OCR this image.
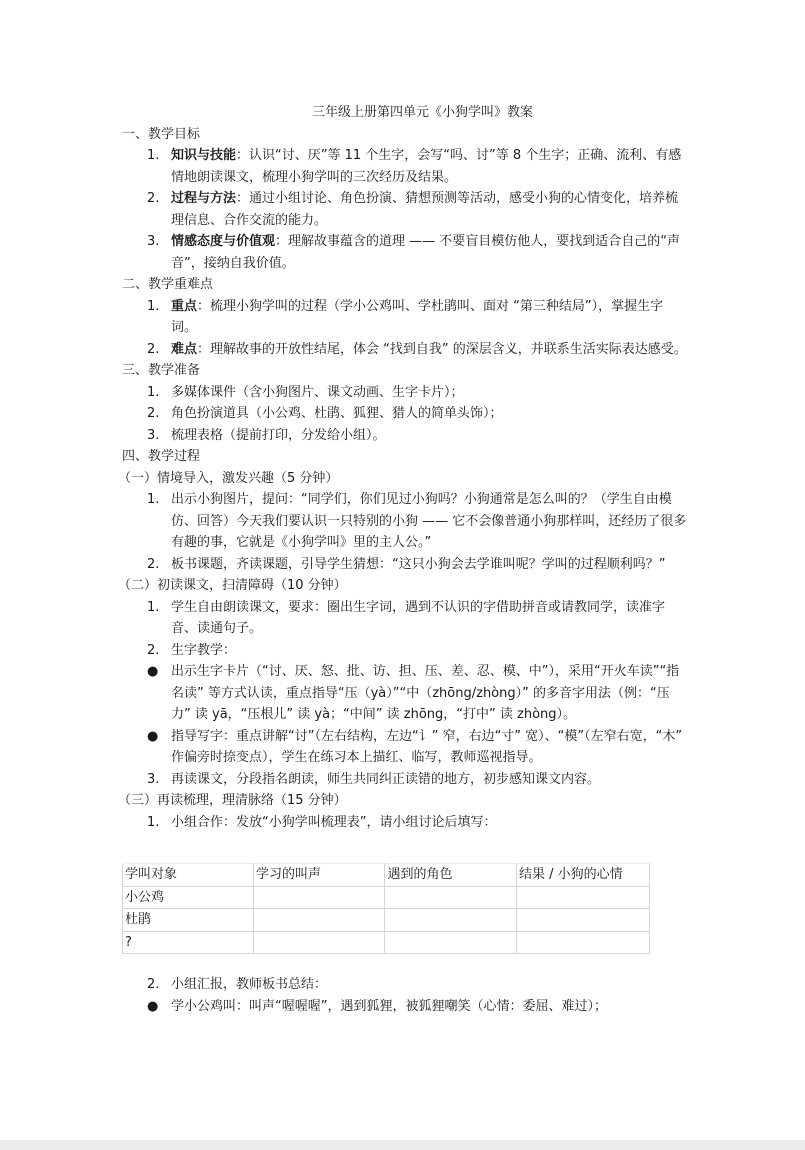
三年级上册第四单元《小狗学叫》教案
一、教学目标
1. 知识与技能：认识“讨、厌”等 11 个生字，会写“吗、讨”等 8 个生字；正确、流利、有感情地朗读课文，梳理小狗学叫的三次经历及结果。
2. 过程与方法：通过小组讨论、角色扮演、猜想预测等活动，感受小狗的心情变化，培养梳理信息、合作交流的能力。
3. 情感态度与价值观：理解故事蕴含的道理 —— 不要盲目模仿他人，要找到适合自己的“声音”，接纳自我价值。
二、教学重难点
1. 重点：梳理小狗学叫的过程（学小公鸡叫、学杜鹃叫、面对 “第三种结局”），掌握生字词。
2. 难点：理解故事的开放性结尾，体会 “找到自我” 的深层含义，并联系生活实际表达感受。
三、教学准备
1. 多媒体课件（含小狗图片、课文动画、生字卡片）；
2. 角色扮演道具（小公鸡、杜鹃、狐狸、猎人的简单头饰）；
3. 梳理表格（提前打印，分发给小组）。
四、教学过程
（一）情境导入，激发兴趣（5 分钟）
1. 出示小狗图片，提问：“同学们，你们见过小狗吗？小狗通常是怎么叫的？（学生自由模仿、回答）今天我们要认识一只特别的小狗 —— 它不会像普通小狗那样叫，还经历了很多有趣的事，它就是《小狗学叫》里的主人公。”
2. 板书课题，齐读课题，引导学生猜想：“这只小狗会去学谁叫呢？学叫的过程顺利吗？”
（二）初读课文，扫清障碍（10 分钟）
1. 学生自由朗读课文，要求：圈出生字词，遇到不认识的字借助拼音或请教同学，读准字音、读通句子。
2. 生字教学：
● 出示生字卡片（“讨、厌、怒、批、访、担、压、差、忍、模、中”），采用“开火车读”“指名读” 等方式认读，重点指导“压（yà）”“中（zhōng/zhòng）” 的多音字用法（例：“压力” 读 yā，“压根儿” 读 yà；“中间” 读 zhōng，“打中” 读 zhòng）。
● 指导写字：重点讲解“讨”（左右结构，左边“讠” 窄，右边“寸” 宽）、“模”（左窄右宽，“木” 作偏旁时捺变点），学生在练习本上描红、临写，教师巡视指导。
3. 再读课文，分段指名朗读，师生共同纠正读错的地方，初步感知课文内容。
（三）再读梳理，理清脉络（15 分钟）
1. 小组合作：发放“小狗学叫梳理表”，请小组讨论后填写：
学叫对象	学习的叫声	遇到的角色	结果 / 小狗的心情
小公鸡			
杜鹃			
?			
2. 小组汇报，教师板书总结：
● 学小公鸡叫：叫声“喔喔喔”，遇到狐狸，被狐狸嘲笑（心情：委屈、难过）；
